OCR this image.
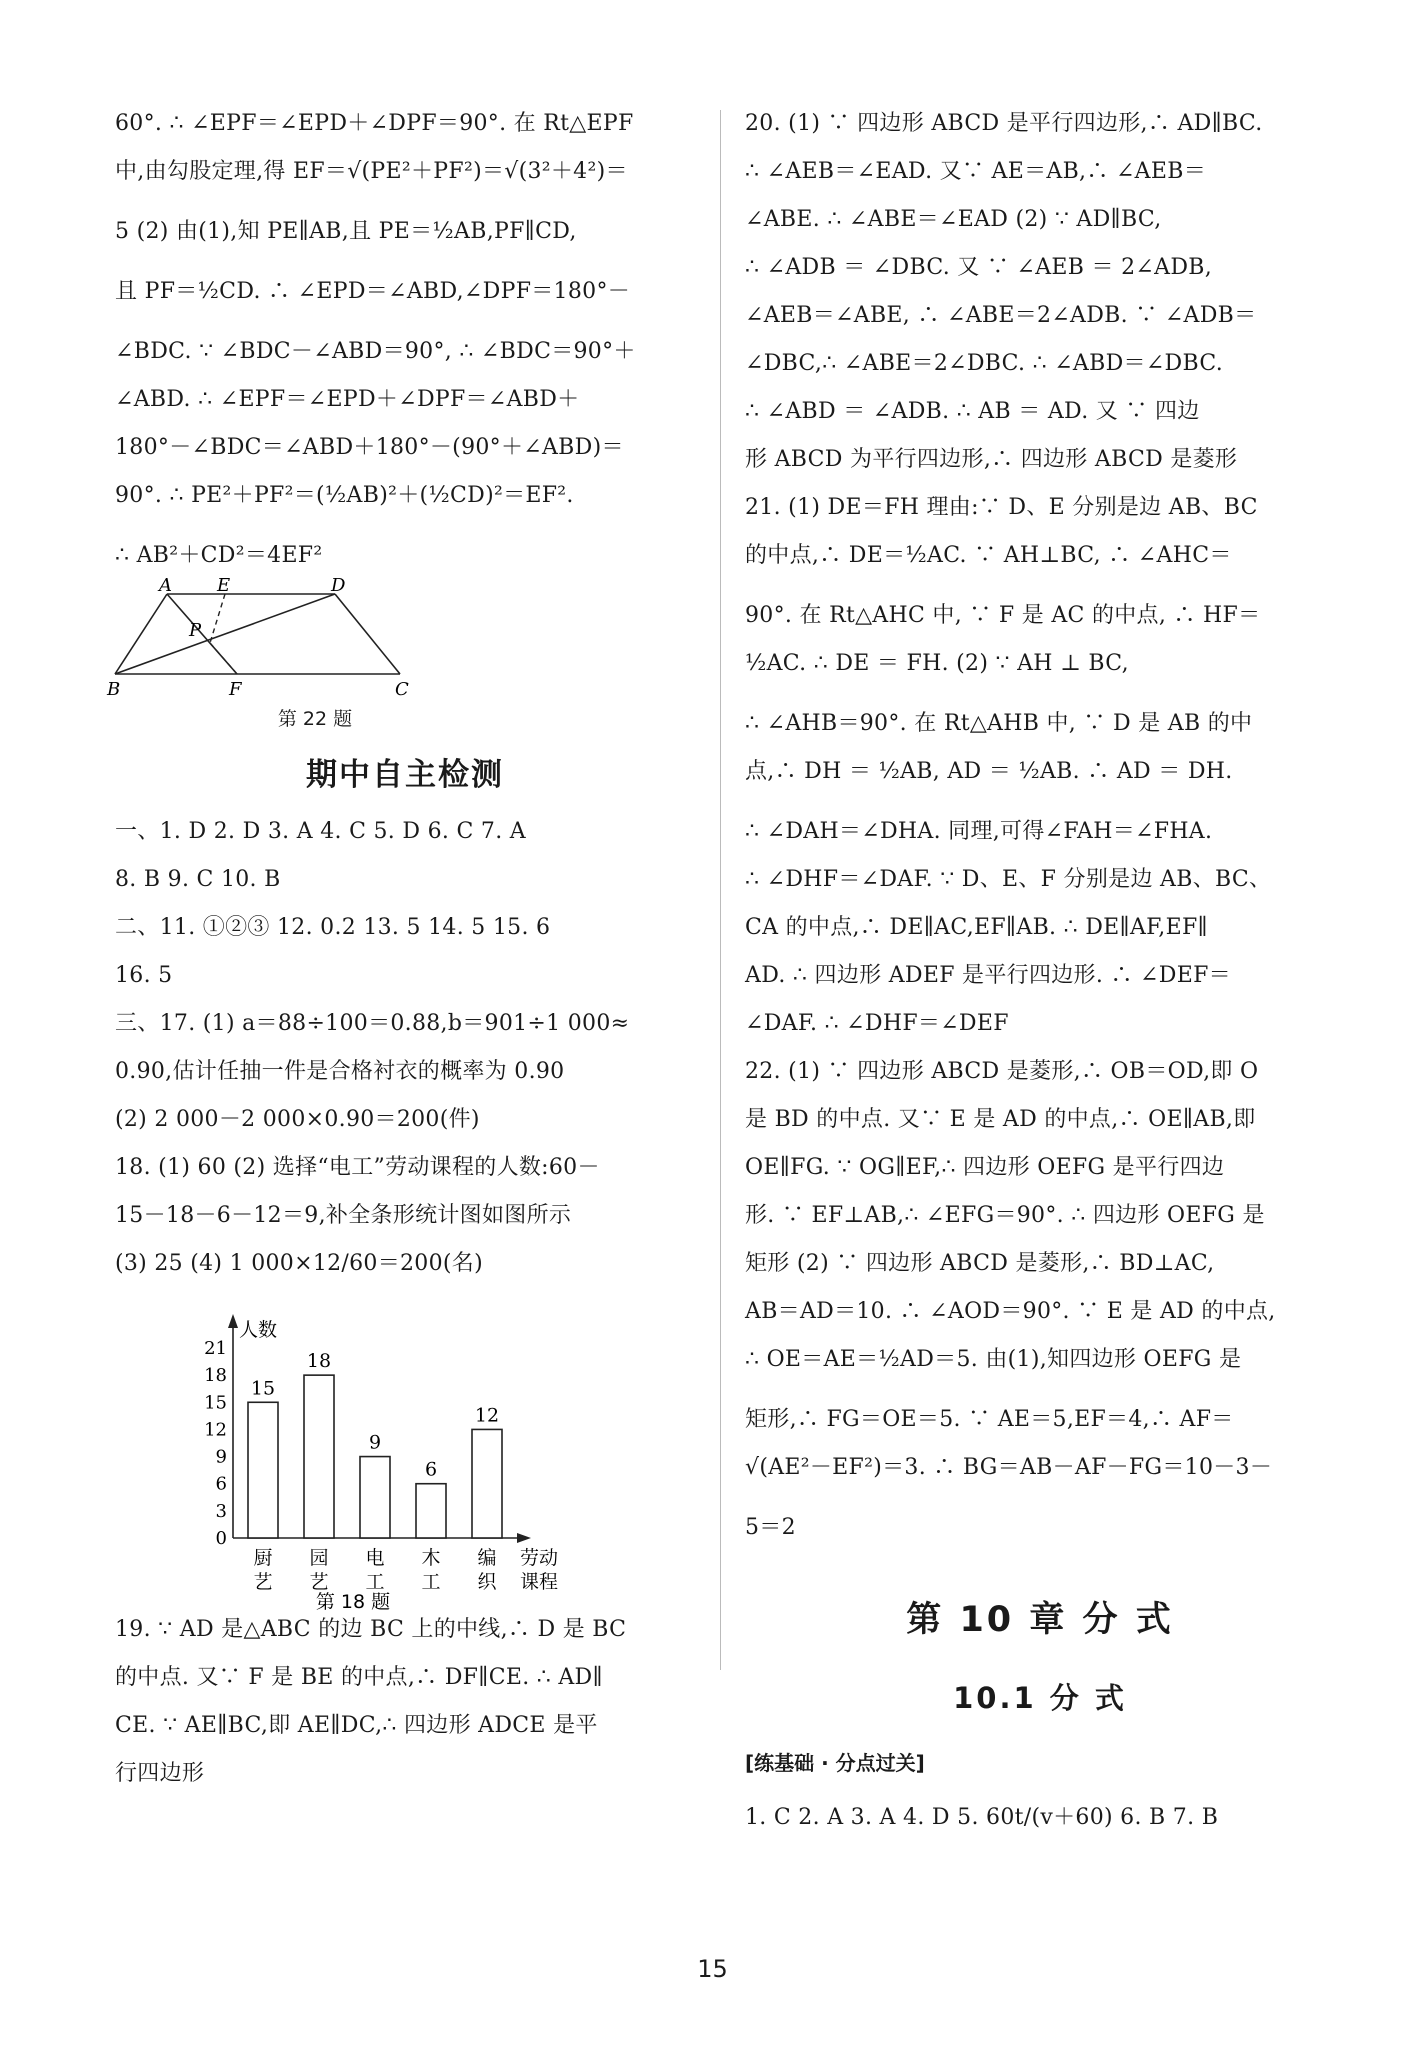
60°. ∴ ∠EPF＝∠EPD＋∠DPF＝90°. 在 Rt△EPF
中,由勾股定理,得 EF＝√(PE²＋PF²)＝√(3²＋4²)＝
5 (2) 由(1),知 PE∥AB,且 PE＝½AB,PF∥CD,
且 PF＝½CD. ∴ ∠EPD＝∠ABD,∠DPF＝180°－
∠BDC. ∵ ∠BDC－∠ABD＝90°, ∴ ∠BDC＝90°＋
∠ABD. ∴ ∠EPF＝∠EPD＋∠DPF＝∠ABD＋
180°－∠BDC＝∠ABD＋180°－(90°＋∠ABD)＝
90°. ∴ PE²＋PF²＝(½AB)²＋(½CD)²＝EF².
∴ AB²＋CD²＝4EF²
A	E	D
P
B	F	C
第 22 题
期中自主检测
一、1. D 2. D 3. A 4. C 5. D 6. C 7. A
8. B 9. C 10. B
二、11. ①②③ 12. 0.2 13. 5 14. 5 15. 6
16. 5
三、17. (1) a＝88÷100＝0.88,b＝901÷1 000≈
0.90,估计任抽一件是合格衬衣的概率为 0.90
(2) 2 000－2 000×0.90＝200(件)
18. (1) 60 (2) 选择“电工”劳动课程的人数:60－
15－18－6－12＝9,补全条形统计图如图所示
(3) 25 (4) 1 000×12/60＝200(名)
人数
0
3
6
9
12
15
18
21
15
厨
艺
18
园
艺
9
电
工
6
木
工
12
编
织
劳动
课程
第 18 题
19. ∵ AD 是△ABC 的边 BC 上的中线,∴ D 是 BC
的中点. 又∵ F 是 BE 的中点,∴ DF∥CE. ∴ AD∥
CE. ∵ AE∥BC,即 AE∥DC,∴ 四边形 ADCE 是平
行四边形
20. (1) ∵ 四边形 ABCD 是平行四边形,∴ AD∥BC.
∴ ∠AEB＝∠EAD. 又∵ AE＝AB,∴ ∠AEB＝
∠ABE. ∴ ∠ABE＝∠EAD (2) ∵ AD∥BC,
∴ ∠ADB ＝ ∠DBC. 又 ∵ ∠AEB ＝ 2∠ADB,
∠AEB＝∠ABE, ∴ ∠ABE＝2∠ADB. ∵ ∠ADB＝
∠DBC,∴ ∠ABE＝2∠DBC. ∴ ∠ABD＝∠DBC.
∴ ∠ABD ＝ ∠ADB. ∴ AB ＝ AD. 又 ∵ 四边
形 ABCD 为平行四边形,∴ 四边形 ABCD 是菱形
21. (1) DE＝FH 理由:∵ D、E 分别是边 AB、BC
的中点,∴ DE＝½AC. ∵ AH⊥BC, ∴ ∠AHC＝
90°. 在 Rt△AHC 中, ∵ F 是 AC 的中点, ∴ HF＝
½AC. ∴ DE ＝ FH. (2) ∵ AH ⊥ BC,
∴ ∠AHB＝90°. 在 Rt△AHB 中, ∵ D 是 AB 的中
点,∴ DH ＝ ½AB, AD ＝ ½AB. ∴ AD ＝ DH.
∴ ∠DAH＝∠DHA. 同理,可得∠FAH＝∠FHA.
∴ ∠DHF＝∠DAF. ∵ D、E、F 分别是边 AB、BC、
CA 的中点,∴ DE∥AC,EF∥AB. ∴ DE∥AF,EF∥
AD. ∴ 四边形 ADEF 是平行四边形. ∴ ∠DEF＝
∠DAF. ∴ ∠DHF＝∠DEF
22. (1) ∵ 四边形 ABCD 是菱形,∴ OB＝OD,即 O
是 BD 的中点. 又∵ E 是 AD 的中点,∴ OE∥AB,即
OE∥FG. ∵ OG∥EF,∴ 四边形 OEFG 是平行四边
形. ∵ EF⊥AB,∴ ∠EFG＝90°. ∴ 四边形 OEFG 是
矩形 (2) ∵ 四边形 ABCD 是菱形,∴ BD⊥AC,
AB＝AD＝10. ∴ ∠AOD＝90°. ∵ E 是 AD 的中点,
∴ OE＝AE＝½AD＝5. 由(1),知四边形 OEFG 是
矩形,∴ FG＝OE＝5. ∵ AE＝5,EF＝4,∴ AF＝
√(AE²－EF²)＝3. ∴ BG＝AB－AF－FG＝10－3－
5＝2
第 10 章 分 式
10.1 分 式
[练基础 · 分点过关]
1. C 2. A 3. A 4. D 5. 60t/(v＋60) 6. B 7. B
15
